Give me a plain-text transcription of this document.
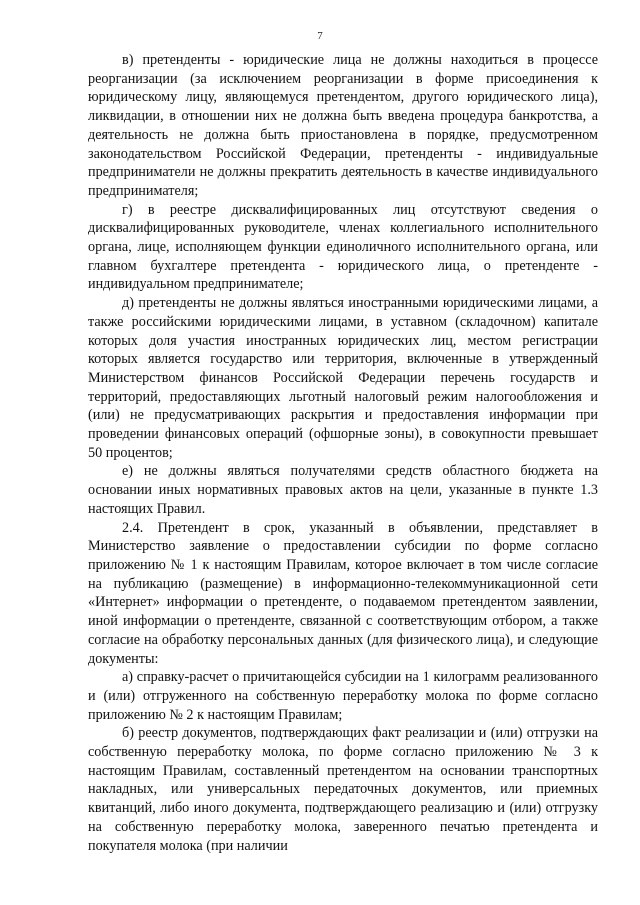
7

в) претенденты - юридические лица не должны находиться в процессе реорганизации (за исключением реорганизации в форме присоединения к юридическому лицу, являющемуся претендентом, другого юридического лица), ликвидации, в отношении них не должна быть введена процедура банкротства, а деятельность не должна быть приостановлена в порядке, предусмотренном законодательством Российской Федерации, претенденты - индивидуальные предприниматели не должны прекратить деятельность в качестве индивидуального предпринимателя;

г) в реестре дисквалифицированных лиц отсутствуют сведения о дисквалифицированных руководителе, членах коллегиального исполнительного органа, лице, исполняющем функции единоличного исполнительного органа, или главном бухгалтере претендента - юридического лица, о претенденте - индивидуальном предпринимателе;

д) претенденты не должны являться иностранными юридическими лицами, а также российскими юридическими лицами, в уставном (складочном) капитале которых доля участия иностранных юридических лиц, местом регистрации которых является государство или территория, включенные в утвержденный Министерством финансов Российской Федерации перечень государств и территорий, предоставляющих льготный налоговый режим налогообложения и (или) не предусматривающих раскрытия и предоставления информации при проведении финансовых операций (офшорные зоны), в совокупности превышает 50 процентов;

е) не должны являться получателями средств областного бюджета на основании иных нормативных правовых актов на цели, указанные в пункте 1.3 настоящих Правил.

2.4. Претендент в срок, указанный в объявлении, представляет в Министерство заявление о предоставлении субсидии по форме согласно приложению № 1 к настоящим Правилам, которое включает в том числе согласие на публикацию (размещение) в информационно-телекоммуникационной сети «Интернет» информации о претенденте, о подаваемом претендентом заявлении, иной информации о претенденте, связанной с соответствующим отбором, а также согласие на обработку персональных данных (для физического лица), и следующие документы:

а) справку-расчет о причитающейся субсидии на 1 килограмм реализованного и (или) отгруженного на собственную переработку молока по форме согласно приложению № 2 к настоящим Правилам;

б) реестр документов, подтверждающих факт реализации и (или) отгрузки на собственную переработку молока, по форме согласно приложению № 3 к настоящим Правилам, составленный претендентом на основании транспортных накладных, или универсальных передаточных документов, или приемных квитанций, либо иного документа, подтверждающего реализацию и (или) отгрузку на собственную переработку молока, заверенного печатью претендента и покупателя молока (при наличии
